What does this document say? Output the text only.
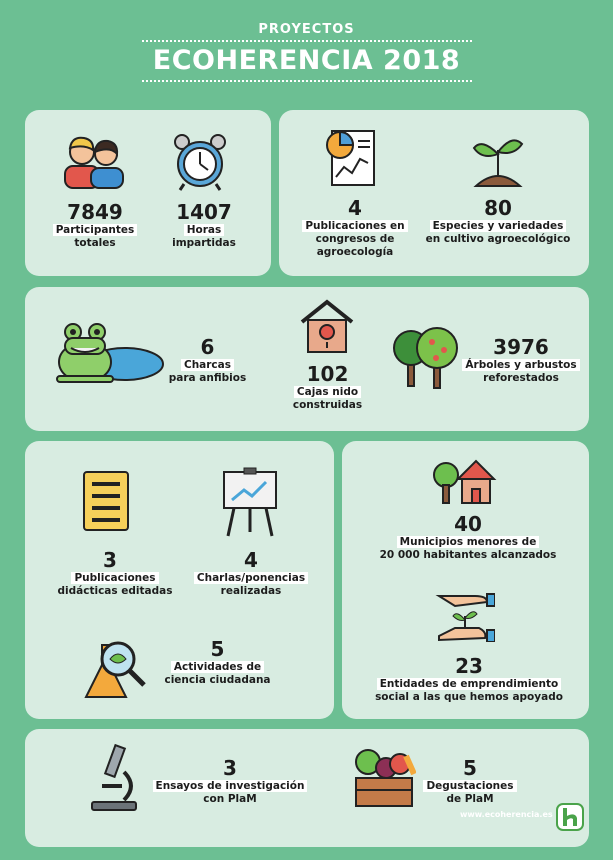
PROYECTOS
ECOHERENCIA 2018
7849
Participantes
totales
1407
Horas
impartidas
4
Publicaciones en
congresos de
agroecología
80
Especies y variedades
en cultivo agroecológico
6
Charcas
para anfibios	102
Cajas nido
construidas
3976
Árboles y arbustos
reforestados
3
Publicaciones
didácticas editadas
4
Charlas/ponencias
realizadas
5
Actividades de
ciencia ciudadana
40
Municipios menores de
20 000 habitantes alcanzados
23
Entidades de emprendimiento
social a las que hemos apoyado
3
Ensayos de investigación
con PlaM
5
Degustaciones
de PlaM
www.ecoherencia.es
